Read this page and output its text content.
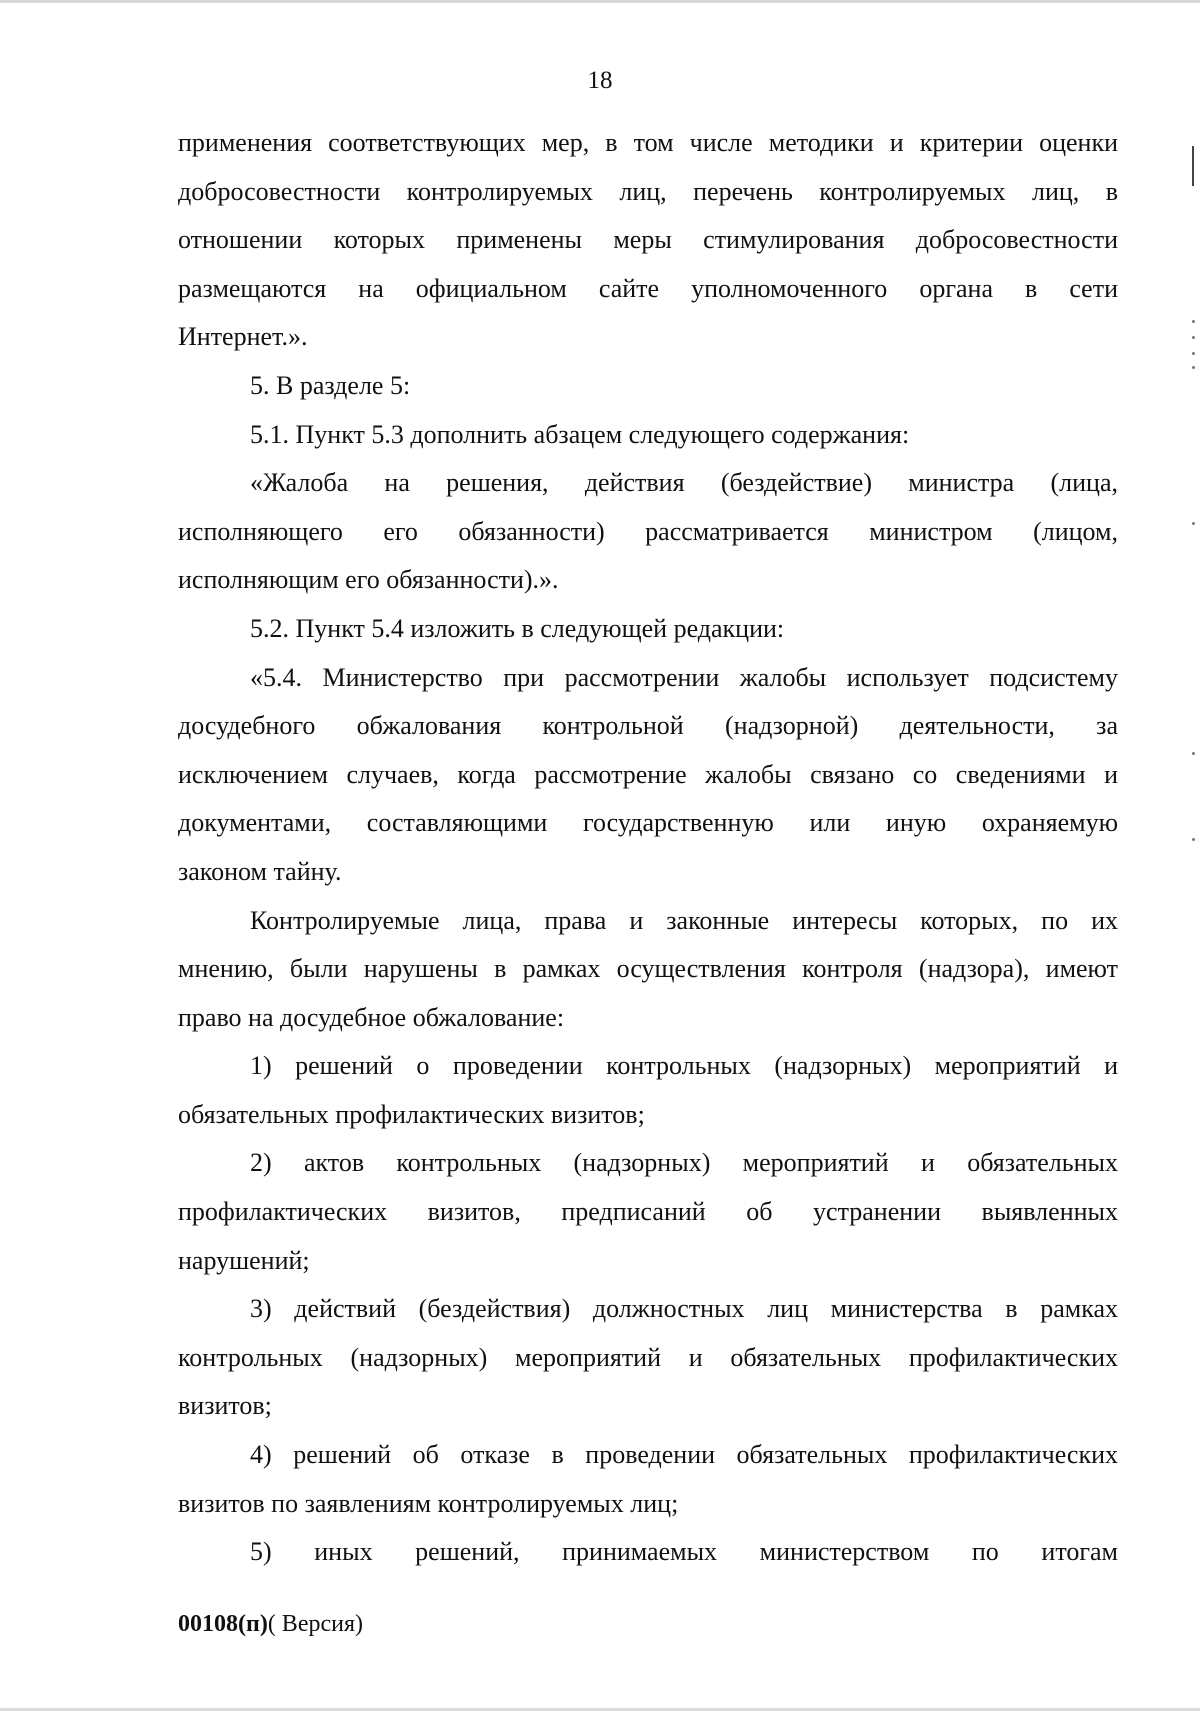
18
применения соответствующих мер, в том числе методики и критерии оценки
добросовестности контролируемых лиц, перечень контролируемых лиц, в
отношении которых применены меры стимулирования добросовестности
размещаются на официальном сайте уполномоченного органа в сети
Интернет.».
5. В разделе 5:
5.1. Пункт 5.3 дополнить абзацем следующего содержания:
«Жалоба на решения, действия (бездействие) министра (лица,
исполняющего его обязанности) рассматривается министром (лицом,
исполняющим его обязанности).».
5.2. Пункт 5.4 изложить в следующей редакции:
«5.4. Министерство при рассмотрении жалобы использует подсистему
досудебного обжалования контрольной (надзорной) деятельности, за
исключением случаев, когда рассмотрение жалобы связано со сведениями и
документами, составляющими государственную или иную охраняемую
законом тайну.
Контролируемые лица, права и законные интересы которых, по их
мнению, были нарушены в рамках осуществления контроля (надзора), имеют
право на досудебное обжалование:
1) решений о проведении контрольных (надзорных) мероприятий и
обязательных профилактических визитов;
2) актов контрольных (надзорных) мероприятий и обязательных
профилактических визитов, предписаний об устранении выявленных
нарушений;
3) действий (бездействия) должностных лиц министерства в рамках
контрольных (надзорных) мероприятий и обязательных профилактических
визитов;
4) решений об отказе в проведении обязательных профилактических
визитов по заявлениям контролируемых лиц;
5) иных решений, принимаемых министерством по итогам
00108(п)( Версия)
